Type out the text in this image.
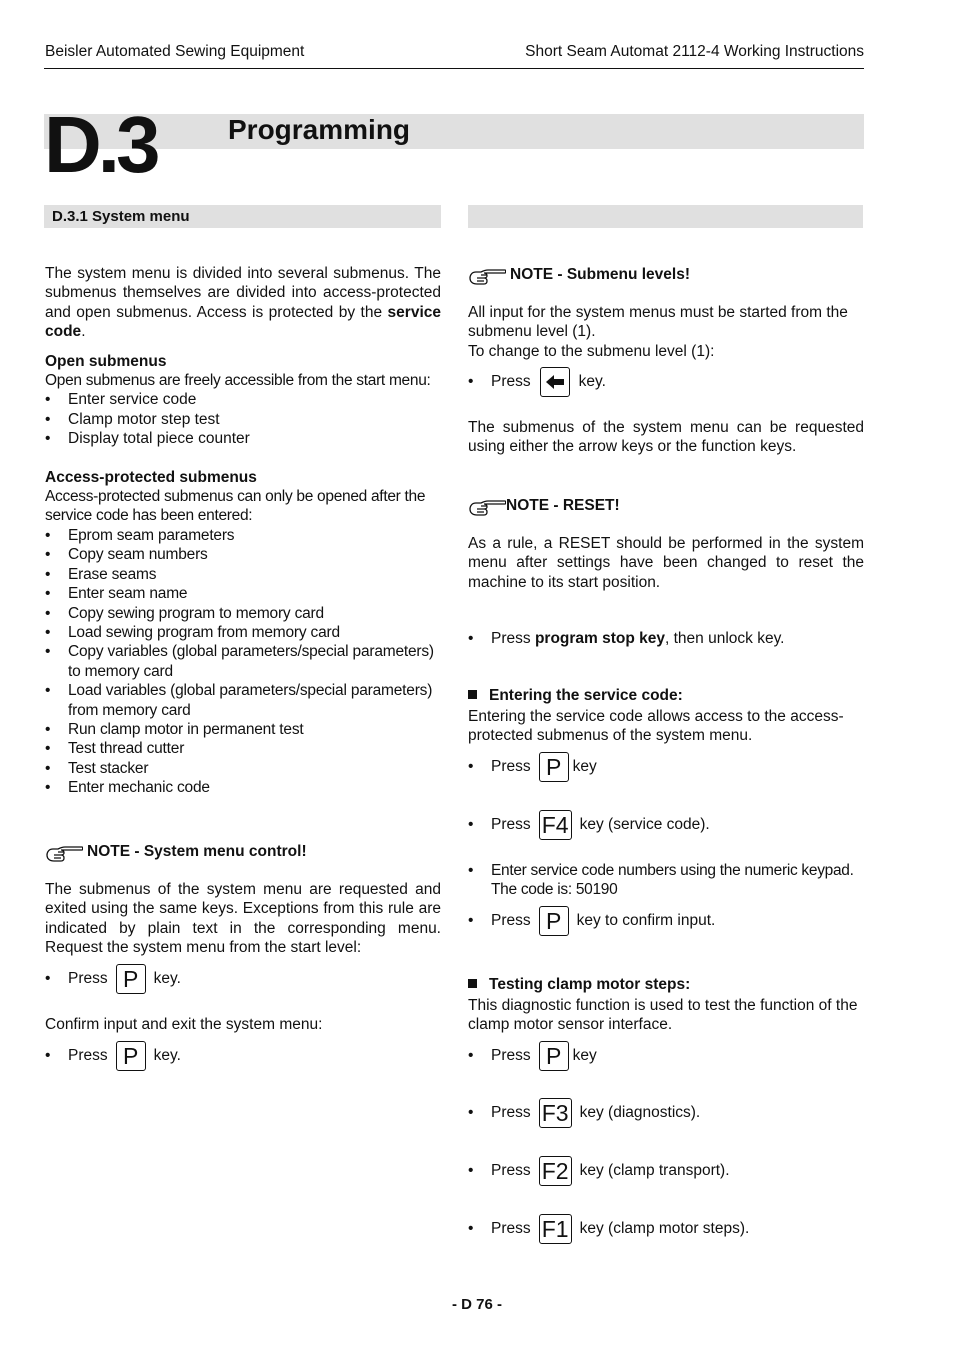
Beisler Automated Sewing Equipment	Short Seam Automat 2112-4 Working Instructions
D.3	Programming
D.3.1 System menu

The system menu is divided into several submenus. The submenus themselves are divided into access-protected and open submenus. Access is protected by the service code.

Open submenus

Open submenus are freely accessible from the start menu:

• Enter service code
• Clamp motor step test
• Display total piece counter

Access-protected submenus

Access-protected submenus can only be opened after the service code has been entered:

• Eprom seam parameters
• Copy seam numbers
• Erase seams
• Enter seam name
• Copy sewing program to memory card
• Load sewing program from memory card
• Copy variables (global parameters/special parameters) to memory card
• Load variables (global parameters/special parameters) from memory card
• Run clamp motor in permanent test
• Test thread cutter
• Test stacker
• Enter mechanic code
NOTE - System menu control!
The submenus of the system menu are requested and exited using the same keys. Exceptions from this rule are indicated by plain text in the corresponding menu. Request the system menu from the start level:
•	Press P key.
Confirm input and exit the system menu:
•	Press P key.
NOTE - Submenu levels!

All input for the system menus must be started from the submenu level (1).

To change to the submenu level (1):

•	Press	key.
The submenus of the system menu can be requested using either the arrow keys or the function keys.
NOTE - RESET!
As a rule, a RESET should be performed in the system menu after settings have been changed to reset the machine to its start position.
•	Press program stop key , then unlock key.
Entering the service code:
Entering the service code allows access to the access-protected submenus of the system menu.
•	Press P key
•	Press F4 key (service code).
• Enter service code numbers using the numeric keypad.
The code is: 50190
•	Press P key to confirm input.
Testing clamp motor steps:
This diagnostic function is used to test the function of the clamp motor sensor interface.
•	Press P key
•	Press F3 key (diagnostics).
•	Press F2 key (clamp transport).
•	Press F1 key (clamp motor steps).
- D 76 -
